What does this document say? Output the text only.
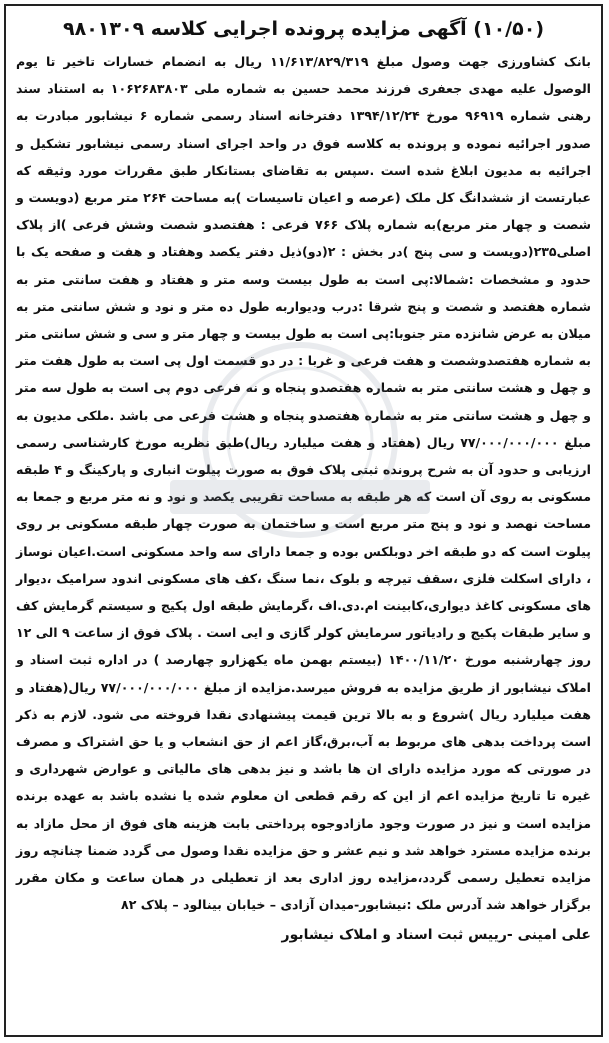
(۱۰/۵۰) آگهی مزایده پرونده اجرایی کلاسه ۹۸۰۱۳۰۹

بانک کشاورزی جهت وصول مبلغ ۱۱/۶۱۳/۸۲۹/۳۱۹ ریال به انضمام خسارات تاخیر تا یوم الوصول علیه مهدی جعفری فرزند محمد حسین به شماره ملی ۱۰۶۲۶۸۳۸۰۳ به استناد سند رهنی شماره ۹۶۹۱۹ مورخ ۱۳۹۴/۱۲/۲۴ دفترخانه اسناد رسمی شماره ۶ نیشابور مبادرت به صدور اجرائیه نموده و پرونده به کلاسه فوق در واحد اجرای اسناد رسمی نیشابور تشکیل و اجرائیه به مدیون ابلاغ شده است .سپس به تقاضای بستانکار طبق مقررات مورد وثیقه که عبارتست از ششدانگ کل ملک (عرصه و اعیان تاسیسات )به مساحت ۲۶۴ متر مربع (دویست و شصت و چهار متر مربع)به شماره پلاک ۷۶۶ فرعی : هفتصدو شصت وشش فرعی )از پلاک اصلی۲۳۵(دویست و سی پنج )در بخش : ۲(دو)ذیل دفتر یکصد وهفتاد و هفت و صفحه یک با حدود و مشخصات :شمالا:پی است به طول بیست وسه متر و هفتاد و هفت سانتی متر به شماره هفتصد و شصت و پنج شرقا :درب ودیواربه طول ده متر و نود و شش سانتی متر به میلان به عرض شانزده متر جنوبا:پی است به طول بیست و چهار متر و سی و شش سانتی متر به شماره هفتصدوشصت و هفت فرعی و غربا : در دو قسمت اول پی است به طول هفت متر و چهل و هشت سانتی متر به شماره هفتصدو پنجاه و نه فرعی دوم پی است به طول سه متر و چهل و هشت سانتی متر به شماره هفتصدو پنجاه و هشت فرعی می باشد .ملکی مدیون به مبلغ ۷۷/۰۰۰/۰۰۰/۰۰۰ ریال (هفتاد و هفت میلیارد ریال)طبق نظریه مورخ کارشناسی رسمی ارزیابی و حدود آن به شرح پرونده ثبتی پلاک فوق به صورت پیلوت انباری و پارکینگ و ۴ طبقه مسکونی به روی آن است که هر طبقه به مساحت تقریبی یکصد و نود و نه متر مربع و جمعا به مساحت نهصد و نود و پنج متر مربع است و ساختمان به صورت چهار طبقه مسکونی بر روی پیلوت است که دو طبقه اخر دوبلکس بوده و جمعا دارای سه واحد مسکونی است.اعیان نوساز ، دارای اسکلت فلزی ،سقف تیرچه و بلوک ،نما سنگ ،کف های مسکونی اندود سرامیک ،دیوار های مسکونی کاغذ دیواری،کابینت ام.دی.اف ،گرمایش طبقه اول پکیج و سیستم گرمایش کف و سایر طبقات پکیج و رادیاتور سرمایش کولر گازی و ایی است . پلاک فوق از ساعت ۹ الی ۱۲ روز چهارشنبه مورخ ۱۴۰۰/۱۱/۲۰ (بیستم بهمن ماه یکهزارو چهارصد ) در اداره ثبت اسناد و املاک نیشابور از طریق مزایده به فروش میرسد.مزایده از مبلغ ۷۷/۰۰۰/۰۰۰/۰۰۰ ریال(هفتاد و هفت میلیارد ریال )شروع و به بالا ترین قیمت پیشنهادی نقدا فروخته می شود. لازم به ذکر است پرداخت بدهی های مربوط به آب،برق،گاز اعم از حق انشعاب و یا حق اشتراک و مصرف در صورتی که مورد مزایده دارای ان ها باشد و نیز بدهی های مالیاتی و عوارض شهرداری و غیره تا تاریخ مزایده اعم از این که رقم قطعی ان معلوم شده یا نشده باشد به عهده برنده مزایده است و نیز در صورت وجود مازادوجوه پرداختی بابت هزینه های فوق از محل مازاد به برنده مزایده مسترد خواهد شد و نیم عشر و حق مزایده نقدا وصول می گردد ضمنا چنانچه روز مزایده تعطیل رسمی گردد،مزایده روز اداری بعد از تعطیلی در همان ساعت و مکان مقرر برگزار خواهد شد آدرس ملک :نیشابور-میدان آزادی – خیابان بینالود – پلاک ۸۲

علی امینی -رییس ثبت اسناد و املاک نیشابور
